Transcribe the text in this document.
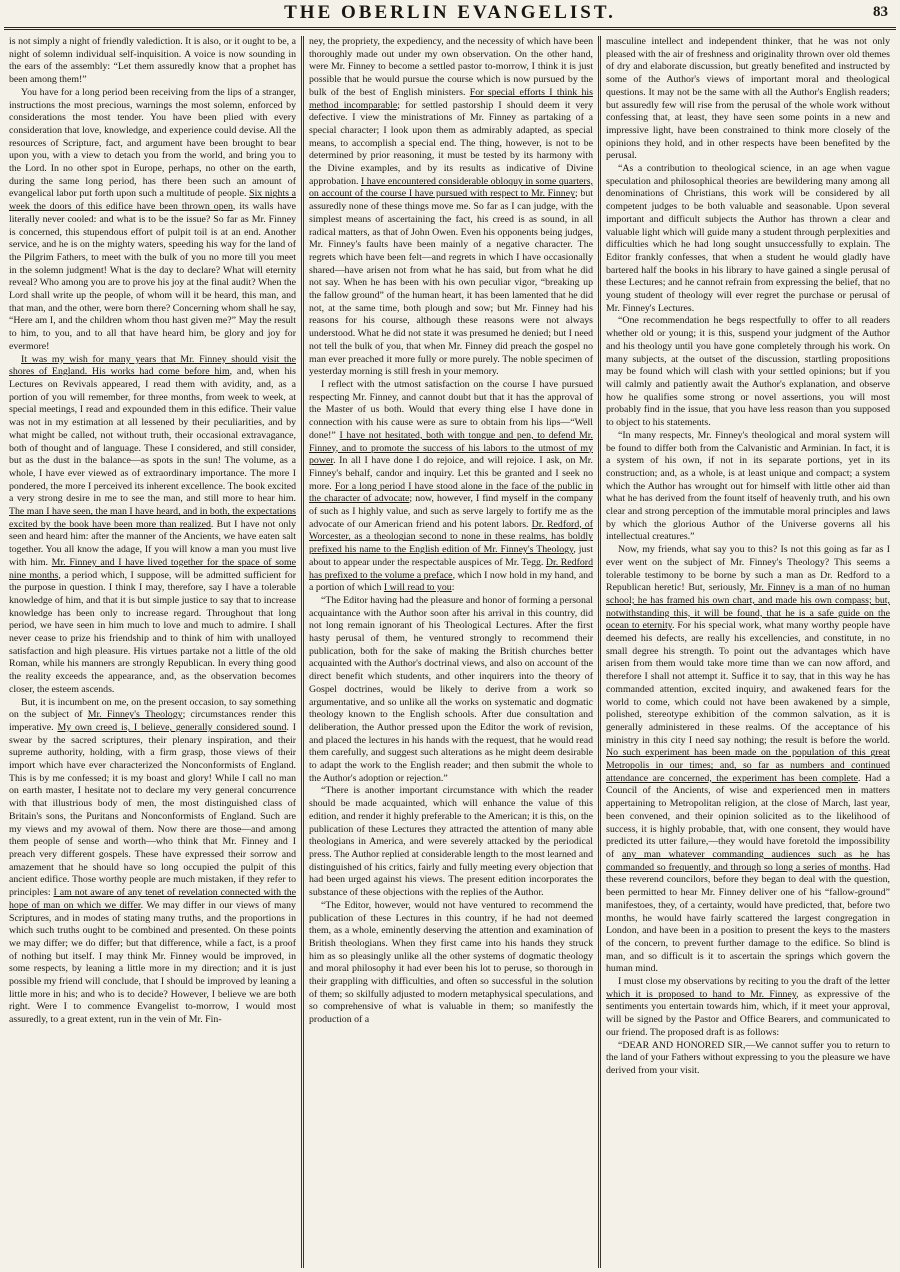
THE OBERLIN EVANGELIST.	83

is not simply a night of friendly valediction. It is also, or it ought to be, a night of solemn individual self-inquisition. A voice is now sounding in the ears of the assembly: “Let them assuredly know that a prophet has been among them!”

You have for a long period been receiving from the lips of a stranger, instructions the most precious, warnings the most solemn, enforced by considerations the most tender. You have been plied with every consideration that love, knowledge, and experience could devise. All the resources of Scripture, fact, and argument have been brought to bear upon you, with a view to detach you from the world, and bring you to the Lord. In no other spot in Europe, perhaps, no other on the earth, during the same long period, has there been such an amount of evangelical labor put forth upon such a multitude of people. Six nights a week the doors of this edifice have been thrown open, its walls have literally never cooled: and what is to be the issue? So far as Mr. Finney is concerned, this stupendous effort of pulpit toil is at an end. Another service, and he is on the mighty waters, speeding his way for the land of the Pilgrim Fathers, to meet with the bulk of you no more till you meet in the solemn judgment! What is the day to declare? What will eternity reveal? Who among you are to prove his joy at the final audit? When the Lord shall write up the people, of whom will it be heard, this man, and that man, and the other, were born there? Concerning whom shall he say, “Here am I, and the children whom thou hast given me?” May the result to him, to you, and to all that have heard him, be glory and joy for evermore!

It was my wish for many years that Mr. Finney should visit the shores of England. His works had come before him, and, when his Lectures on Revivals appeared, I read them with avidity, and, as a portion of you will remember, for three months, from week to week, at special meetings, I read and expounded them in this edifice. Their value was not in my estimation at all lessened by their peculiarities, and by what might be called, not without truth, their occasional extravagance, both of thought and of language. These I considered, and still consider, but as the dust in the balance—as spots in the sun! The volume, as a whole, I have ever viewed as of extraordinary importance. The more I pondered, the more I perceived its inherent excellence. The book excited a very strong desire in me to see the man, and still more to hear him. The man I have seen, the man I have heard, and in both, the expectations excited by the book have been more than realized. But I have not only seen and heard him: after the manner of the Ancients, we have eaten salt together. You all know the adage, If you will know a man you must live with him. Mr. Finney and I have lived together for the space of some nine months, a period which, I suppose, will be admitted sufficient for the purpose in question. I think I may, therefore, say I have a tolerable knowledge of him, and that it is but simple justice to say that to increase knowledge has been only to increase regard. Throughout that long period, we have seen in him much to love and much to admire. I shall never cease to prize his friendship and to think of him with unalloyed satisfaction and high pleasure. His virtues partake not a little of the old Roman, while his manners are strongly Republican. In every thing good the reality exceeds the appearance, and, as the observation becomes closer, the esteem ascends.

But, it is incumbent on me, on the present occasion, to say something on the subject of Mr. Finney's Theology; circumstances render this imperative. My own creed is, I believe, generally considered sound. I swear by the sacred scriptures, their plenary inspiration, and their supreme authority, holding, with a firm grasp, those views of their import which have ever characterized the Nonconformists of England. This is by me confessed; it is my boast and glory! While I call no man on earth master, I hesitate not to declare my very general concurrence with that illustrious body of men, the most distinguished class of Britain's sons, the Puritans and Nonconformists of England. Such are my views and my avowal of them. Now there are those—and among them people of sense and worth—who think that Mr. Finney and I preach very different gospels. These have expressed their sorrow and amazement that he should have so long occupied the pulpit of this ancient edifice. Those worthy people are much mistaken, if they refer to principles: I am not aware of any tenet of revelation connected with the hope of man on which we differ. We may differ in our views of many Scriptures, and in modes of stating many truths, and the proportions in which such truths ought to be combined and presented. On these points we may differ; we do differ; but that difference, while a fact, is a proof of nothing but itself. I may think Mr. Finney would be improved, in some respects, by leaning a little more in my direction; and it is just possible my friend will conclude, that I should be improved by leaning a little more in his; and who is to decide? However, I believe we are both right. Were I to commence Evangelist to-morrow, I would most assuredly, to a great extent, run in the vein of Mr. Fin-

ney, the propriety, the expediency, and the necessity of which have been thoroughly made out under my own observation. On the other hand, were Mr. Finney to become a settled pastor to-morrow, I think it is just possible that he would pursue the course which is now pursued by the bulk of the best of English ministers. For special efforts I think his method incomparable; for settled pastorship I should deem it very defective. I view the ministrations of Mr. Finney as partaking of a special character; I look upon them as admirably adapted, as special means, to accomplish a special end. The thing, however, is not to be determined by prior reasoning, it must be tested by its harmony with the Divine examples, and by its results as indicative of Divine approbation. I have encountered considerable obloquy in some quarters, on account of the course I have pursued with respect to Mr. Finney; but assuredly none of these things move me. So far as I can judge, with the simplest means of ascertaining the fact, his creed is as sound, in all radical matters, as that of John Owen. Even his opponents being judges, Mr. Finney's faults have been mainly of a negative character. The regrets which have been felt—and regrets in which I have occasionally shared—have arisen not from what he has said, but from what he did not say. When he has been with his own peculiar vigor, “breaking up the fallow ground” of the human heart, it has been lamented that he did not, at the same time, both plough and sow; but Mr. Finney had his reasons for his course, although these reasons were not always understood. What he did not state it was presumed he denied; but I need not tell the bulk of you, that when Mr. Finney did preach the gospel no man ever preached it more fully or more purely. The noble specimen of yesterday morning is still fresh in your memory.

I reflect with the utmost satisfaction on the course I have pursued respecting Mr. Finney, and cannot doubt but that it has the approval of the Master of us both. Would that every thing else I have done in connection with his cause were as sure to obtain from his lips—“Well done!” I have not hesitated, both with tongue and pen, to defend Mr. Finney, and to promote the success of his labors to the utmost of my power. In all I have done I do rejoice, and will rejoice. I ask, on Mr. Finney's behalf, candor and inquiry. Let this be granted and I seek no more. For a long period I have stood alone in the face of the public in the character of advocate; now, however, I find myself in the company of such as I highly value, and such as serve largely to fortify me as the advocate of our American friend and his potent labors. Dr. Redford, of Worcester, as a theologian second to none in these realms, has boldly prefixed his name to the English edition of Mr. Finney's Theology, just about to appear under the respectable auspices of Mr. Tegg. Dr. Redford has prefixed to the volume a preface, which I now hold in my hand, and a portion of which I will read to you:

“The Editor having had the pleasure and honor of forming a personal acquaintance with the Author soon after his arrival in this country, did not long remain ignorant of his Theological Lectures. After the first hasty perusal of them, he ventured strongly to recommend their publication, both for the sake of making the British churches better acquainted with the Author's doctrinal views, and also on account of the direct benefit which students, and other inquirers into the theory of Gospel doctrines, would be likely to derive from a work so argumentative, and so unlike all the works on systematic and dogmatic theology known to the English schools. After due consultation and deliberation, the Author pressed upon the Editor the work of revision, and placed the lectures in his hands with the request, that he would read them carefully, and suggest such alterations as he might deem desirable to adapt the work to the English reader; and then submit the whole to the Author's adoption or rejection.”

“There is another important circumstance with which the reader should be made acquainted, which will enhance the value of this edition, and render it highly preferable to the American; it is this, on the publication of these Lectures they attracted the attention of many able theologians in America, and were severely attacked by the periodical press. The Author replied at considerable length to the most learned and distinguished of his critics, fairly and fully meeting every objection that had been urged against his views. The present edition incorporates the substance of these objections with the replies of the Author.

“The Editor, however, would not have ventured to recommend the publication of these Lectures in this country, if he had not deemed them, as a whole, eminently deserving the attention and examination of British theologians. When they first came into his hands they struck him as so pleasingly unlike all the other systems of dogmatic theology and moral philosophy it had ever been his lot to peruse, so thorough in their grappling with difficulties, and often so successful in the solution of them; so skilfully adjusted to modern metaphysical speculations, and so comprehensive of what is valuable in them; so manifestly the production of a

masculine intellect and independent thinker, that he was not only pleased with the air of freshness and originality thrown over old themes of dry and elaborate discussion, but greatly benefited and instructed by some of the Author's views of important moral and theological questions. It may not be the same with all the Author's English readers; but assuredly few will rise from the perusal of the whole work without confessing that, at least, they have seen some points in a new and impressive light, have been constrained to think more closely of the opinions they hold, and in other respects have been benefited by the perusal.

“As a contribution to theological science, in an age when vague speculation and philosophical theories are bewildering many among all denominations of Christians, this work will be considered by all competent judges to be both valuable and seasonable. Upon several important and difficult subjects the Author has thrown a clear and valuable light which will guide many a student through perplexities and difficulties which he had long sought unsuccessfully to explain. The Editor frankly confesses, that when a student he would gladly have bartered half the books in his library to have gained a single perusal of these Lectures; and he cannot refrain from expressing the belief, that no young student of theology will ever regret the purchase or perusal of Mr. Finney's Lectures.

“One recommendation he begs respectfully to offer to all readers whether old or young; it is this, suspend your judgment of the Author and his theology until you have gone completely through his work. On many subjects, at the outset of the discussion, startling propositions may be found which will clash with your settled opinions; but if you will calmly and patiently await the Author's explanation, and observe how he qualifies some strong or novel assertions, you will most probably find in the issue, that you have less reason than you supposed to object to his statements.

“In many respects, Mr. Finney's theological and moral system will be found to differ both from the Calvanistic and Arminian. In fact, it is a system of his own, if not in its separate portions, yet in its construction; and, as a whole, is at least unique and compact; a system which the Author has wrought out for himself with little other aid than what he has derived from the fount itself of heavenly truth, and his own clear and strong perception of the immutable moral principles and laws by which the glorious Author of the Universe governs all his intellectual creatures.”

Now, my friends, what say you to this? Is not this going as far as I ever went on the subject of Mr. Finney's Theology? This seems a tolerable testimony to be borne by such a man as Dr. Redford to a Republican heretic! But, seriously, Mr. Finney is a man of no human school; he has framed his own chart, and made his own compass; but, notwithstanding this, it will be found, that he is a safe guide on the ocean to eternity. For his special work, what many worthy people have deemed his defects, are really his excellencies, and constitute, in no small degree his strength. To point out the advantages which have arisen from them would take more time than we can now afford, and therefore I shall not attempt it. Suffice it to say, that in this way he has commanded attention, excited inquiry, and awakened fears for the world to come, which could not have been awakened by a simple, polished, stereotype exhibition of the common salvation, as it is generally administered in these realms. Of the acceptance of his ministry in this city I need say nothing; the result is before the world. No such experiment has been made on the population of this great Metropolis in our times; and, so far as numbers and continued attendance are concerned, the experiment has been complete. Had a Council of the Ancients, of wise and experienced men in matters appertaining to Metropolitan religion, at the close of March, last year, been convened, and their opinion solicited as to the likelihood of success, it is highly probable, that, with one consent, they would have predicted its utter failure,—they would have foretold the impossibility of any man whatever commanding audiences such as he has commanded so frequently, and through so long a series of months. Had these reverend councilors, before they began to deal with the question, been permitted to hear Mr. Finney deliver one of his “fallow-ground” manifestoes, they, of a certainty, would have predicted, that, before two months, he would have fairly scattered the largest congregation in London, and have been in a position to present the keys to the masters of the concern, to prevent further damage to the edifice. So blind is man, and so difficult is it to ascertain the springs which govern the human mind.

I must close my observations by reciting to you the draft of the letter which it is proposed to hand to Mr. Finney, as expressive of the sentiments you entertain towards him, which, if it meet your approval, will be signed by the Pastor and Office Bearers, and communicated to our friend. The proposed draft is as follows:

“DEAR AND HONORED SIR,—We cannot suffer you to return to the land of your Fathers without expressing to you the pleasure we have derived from your visit.
